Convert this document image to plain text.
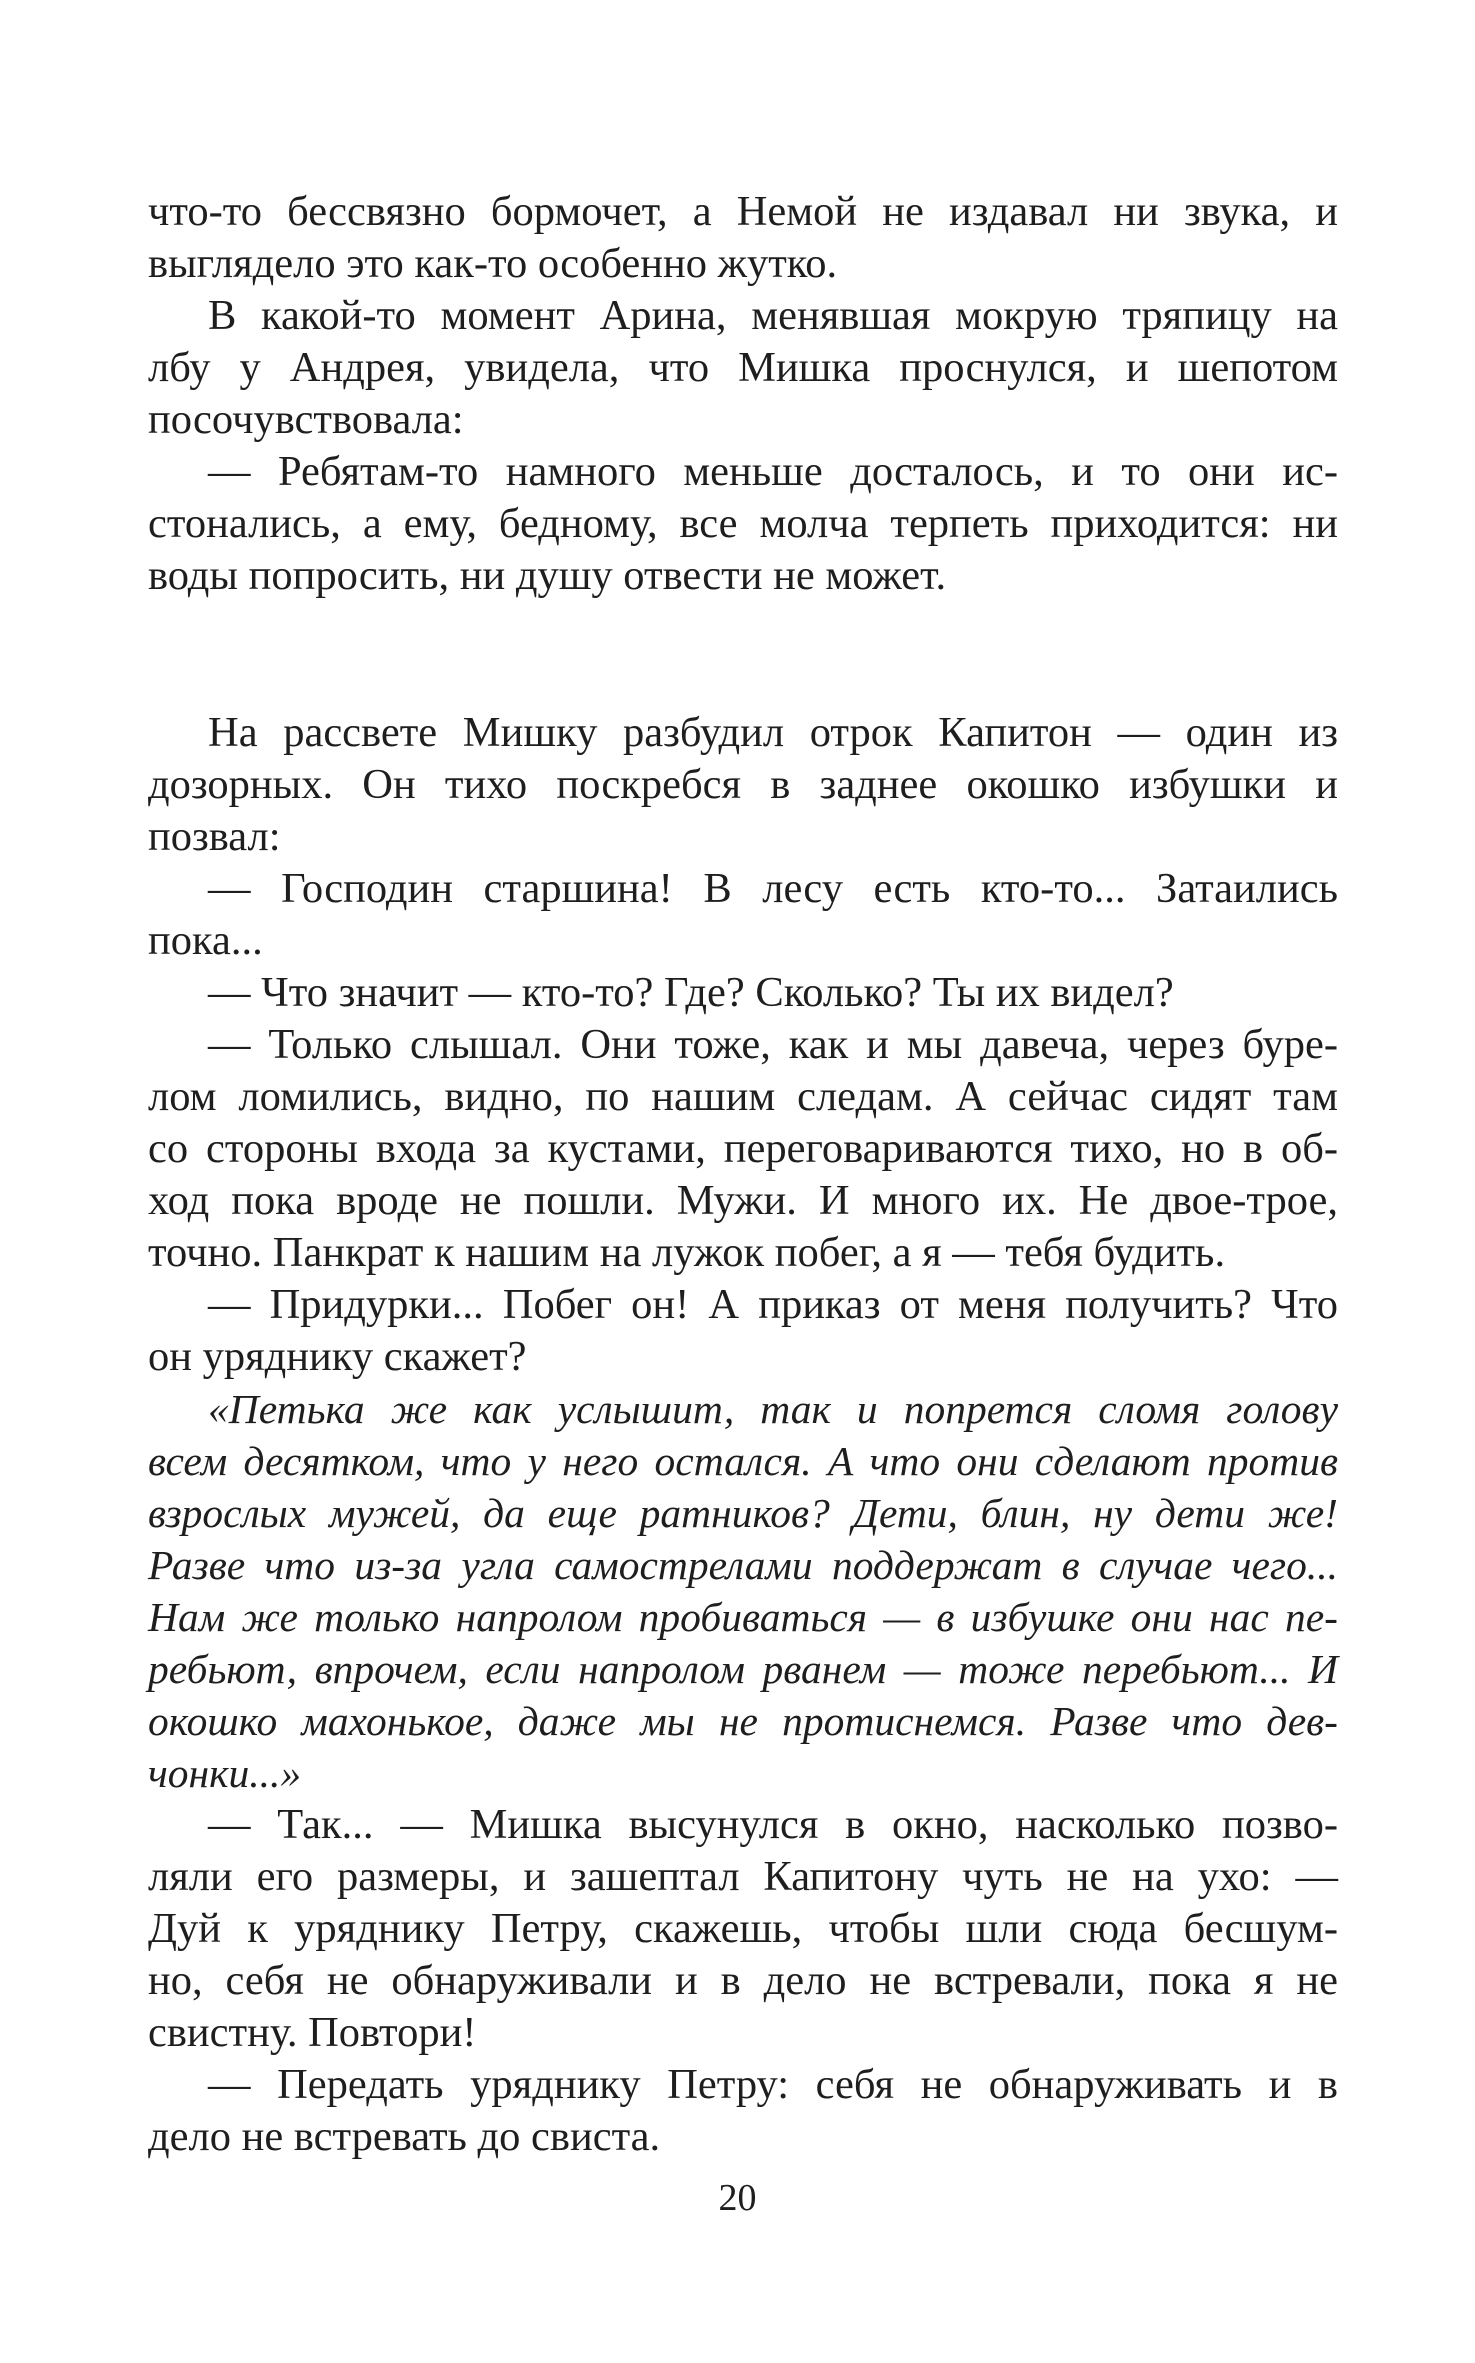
что-то бессвязно бормочет, а Немой не издавал ни звука, и
выглядело это как-то особенно жутко.
В какой-то момент Арина, менявшая мокрую тряпицу на
лбу у Андрея, увидела, что Мишка проснулся, и шепотом
посочувствовала:
— Ребятам-то намного меньше досталось, и то они ис-
стонались, а ему, бедному, все молча терпеть приходится: ни
воды попросить, ни душу отвести не может.
На рассвете Мишку разбудил отрок Капитон — один из
дозорных. Он тихо поскребся в заднее окошко избушки и
позвал:
— Господин старшина! В лесу есть кто-то... Затаились
пока...
— Что значит — кто-то? Где? Сколько? Ты их видел?
— Только слышал. Они тоже, как и мы давеча, через буре-
лом ломились, видно, по нашим следам. А сейчас сидят там
со стороны входа за кустами, переговариваются тихо, но в об-
ход пока вроде не пошли. Мужи. И много их. Не двое-трое,
точно. Панкрат к нашим на лужок побег, а я — тебя будить.
— Придурки... Побег он! А приказ от меня получить? Что
он уряднику скажет?
«Петька же как услышит, так и попрется сломя голову
всем десятком, что у него остался. А что они сделают против
взрослых мужей, да еще ратников? Дети, блин, ну дети же!
Разве что из-за угла самострелами поддержат в случае чего...
Нам же только напролом пробиваться — в избушке они нас пе-
ребьют, впрочем, если напролом рванем — тоже перебьют... И
окошко махонькое, даже мы не протиснемся. Разве что дев-
чонки...»
— Так... — Мишка высунулся в окно, насколько позво-
ляли его размеры, и зашептал Капитону чуть не на ухо: —
Дуй к уряднику Петру, скажешь, чтобы шли сюда бесшум-
но, себя не обнаруживали и в дело не встревали, пока я не
свистну. Повтори!
— Передать уряднику Петру: себя не обнаруживать и в
дело не встревать до свиста.
20
